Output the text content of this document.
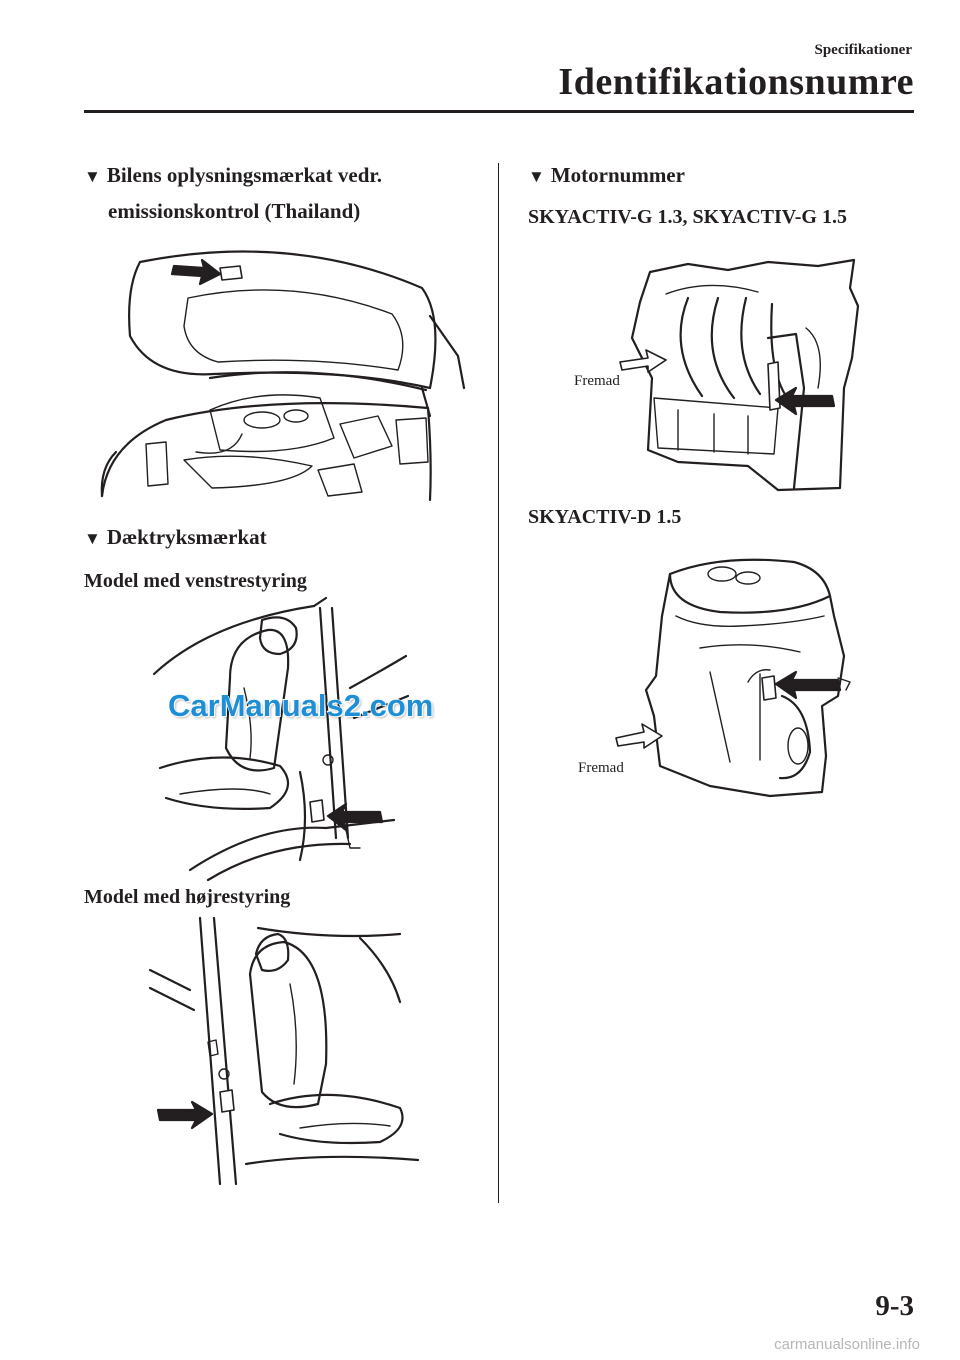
Specifikationer
Identifikationsnumre
▼ Bilens oplysningsmærkat vedr.
emissionskontrol (Thailand)
▼ Dæktryksmærkat
Model med venstrestyring
Model med højrestyring
▼ Motornummer
SKYACTIV-G 1.3, SKYACTIV-G 1.5
Fremad
SKYACTIV-D 1.5
Fremad
CarManuals2.com
9-3
carmanualsonline.info
